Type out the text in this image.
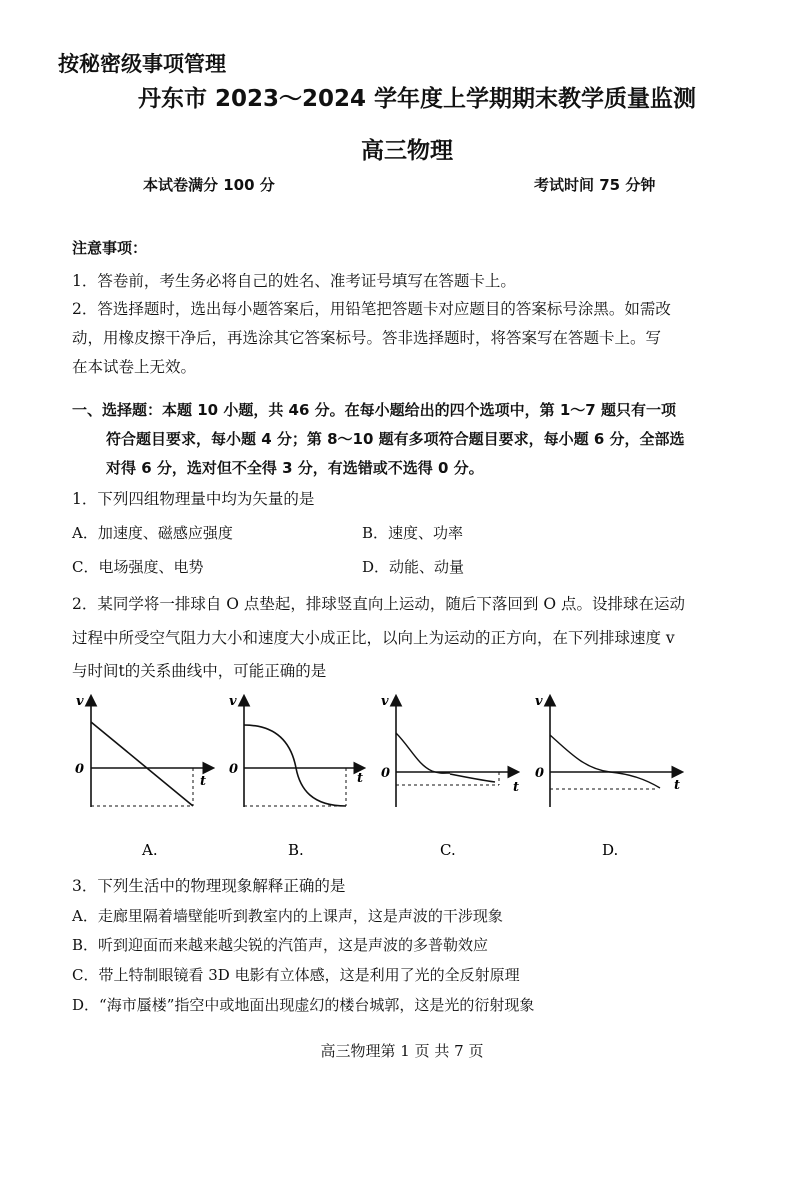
按秘密级事项管理
丹东市 2023～2024 学年度上学期期末教学质量监测
高三物理
本试卷满分 100 分	考试时间 75 分钟
注意事项：
1．答卷前，考生务必将自己的姓名、准考证号填写在答题卡上。
2．答选择题时，选出每小题答案后，用铅笔把答题卡对应题目的答案标号涂黑。如需改
动，用橡皮擦干净后，再选涂其它答案标号。答非选择题时，将答案写在答题卡上。写
在本试卷上无效。
一、选择题：本题 10 小题，共 46 分。在每小题给出的四个选项中，第 1～7 题只有一项
符合题目要求，每小题 4 分；第 8～10 题有多项符合题目要求，每小题 6 分，全部选
对得 6 分，选对但不全得 3 分，有选错或不选得 0 分。
1．下列四组物理量中均为矢量的是
A．加速度、磁感应强度	B．速度、功率
C．电场强度、电势	D．动能、动量
2．某同学将一排球自 O 点垫起，排球竖直向上运动，随后下落回到 O 点。设排球在运动
过程中所受空气阻力大小和速度大小成正比，以向上为运动的正方向，在下列排球速度 v
与时间t的关系曲线中，可能正确的是
v
0
t
A.
v
0
t
B.
v
0
t
C.
v
0
t
D.
3．下列生活中的物理现象解释正确的是
A．走廊里隔着墙壁能听到教室内的上课声，这是声波的干涉现象
B．听到迎面而来越来越尖锐的汽笛声，这是声波的多普勒效应
C．带上特制眼镜看 3D 电影有立体感，这是利用了光的全反射原理
D．“海市蜃楼”指空中或地面出现虚幻的楼台城郭，这是光的衍射现象
高三物理第 1 页 共 7 页
